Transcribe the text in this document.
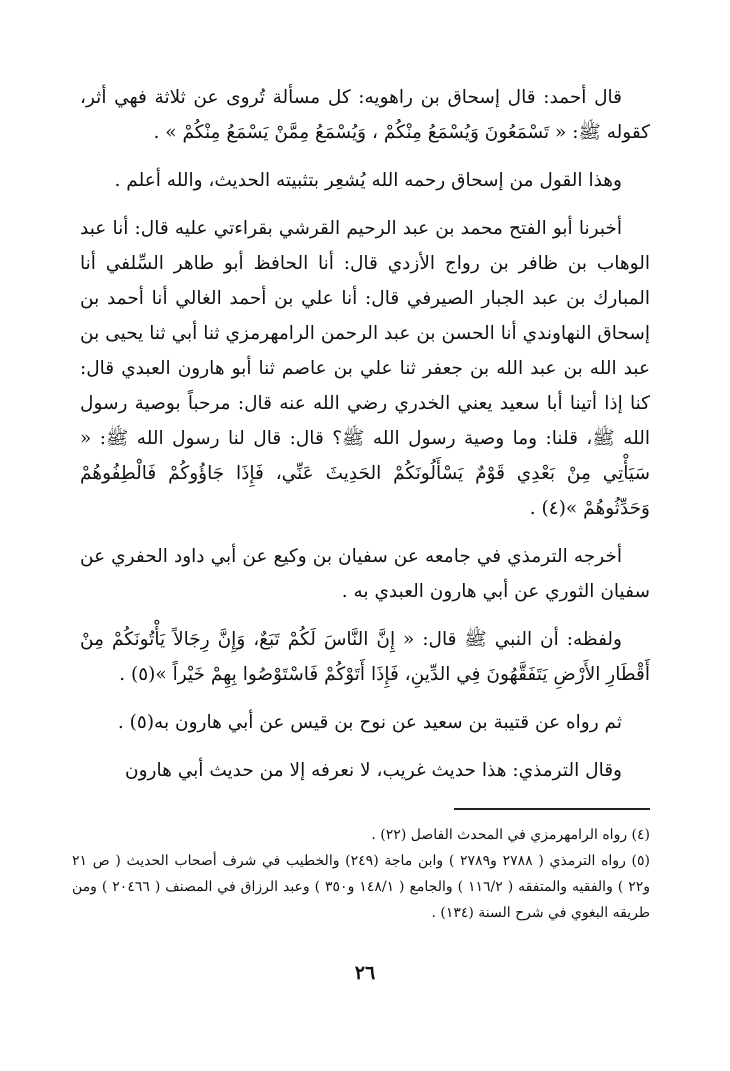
قال أحمد: قال إسحاق بن راهويه: كل مسألة تُروى عن ثلاثة فهي أثر، كقوله ﷺ: « تَسْمَعُونَ وَيُسْمَعُ مِنْكُمْ ، وَيُسْمَعُ مِمَّنْ يَسْمَعُ مِنْكُمْ » .

وهذا القول من إسحاق رحمه الله يُشعِر بتثبيته الحديث، والله أعلم .

أخبرنا أبو الفتح محمد بن عبد الرحيم القرشي بقراءتي عليه قال: أنا عبد الوهاب بن ظافر بن رواج الأزدي قال: أنا الحافظ أبو طاهر السِّلفي أنا المبارك بن عبد الجبار الصيرفي قال: أنا علي بن أحمد الغالي أنا أحمد بن إسحاق النهاوندي أنا الحسن بن عبد الرحمن الرامهرمزي ثنا أبي ثنا يحيى بن عبد الله بن عبد الله بن جعفر ثنا علي بن عاصم ثنا أبو هارون العبدي قال: كنا إذا أتينا أبا سعيد يعني الخدري رضي الله عنه قال: مرحباً بوصية رسول الله ﷺ، قلنا: وما وصية رسول الله ﷺ؟ قال: قال لنا رسول الله ﷺ: « سَيَأْتِي مِنْ بَعْدِي قَوْمٌ يَسْأَلُونَكُمْ الحَدِيثَ عَنِّي، فَإِذَا جَاؤُوكُمْ فَالْطِفُوهُمْ وَحَدِّثُوهُمْ »(٤) .

أخرجه الترمذي في جامعه عن سفيان بن وكيع عن أبي داود الحفري عن سفيان الثوري عن أبي هارون العبدي به .

ولفظه: أن النبي ﷺ قال: « إِنَّ النَّاسَ لَكُمْ تَبَعٌ، وَإِنَّ رِجَالاً يَأْتُونَكُمْ مِنْ أَقْطَارِ الأَرْضِ يَتَفَقَّهُونَ فِي الدِّينِ، فَإِذَا أَتَوْكُمْ فَاسْتَوْصُوا بِهِمْ خَيْراً »(٥) .

ثم رواه عن قتيبة بن سعيد عن نوح بن قيس عن أبي هارون به(٥) .

وقال الترمذي: هذا حديث غريب، لا نعرفه إلا من حديث أبي هارون

(٤) رواه الرامهرمزي في المحدث الفاصل (٢٢) .

(٥) رواه الترمذي ( ٢٧٨٨ و٢٧٨٩ ) وابن ماجة (٢٤٩) والخطيب في شرف أصحاب الحديث ( ص ٢١ و٢٢ ) والفقيه والمتفقه ( ١١٦/٢ ) والجامع ( ١٤٨/١ و٣٥٠ ) وعبد الرزاق في المصنف ( ٢٠٤٦٦ ) ومن طريقه البغوي في شرح السنة (١٣٤) .

٢٦
